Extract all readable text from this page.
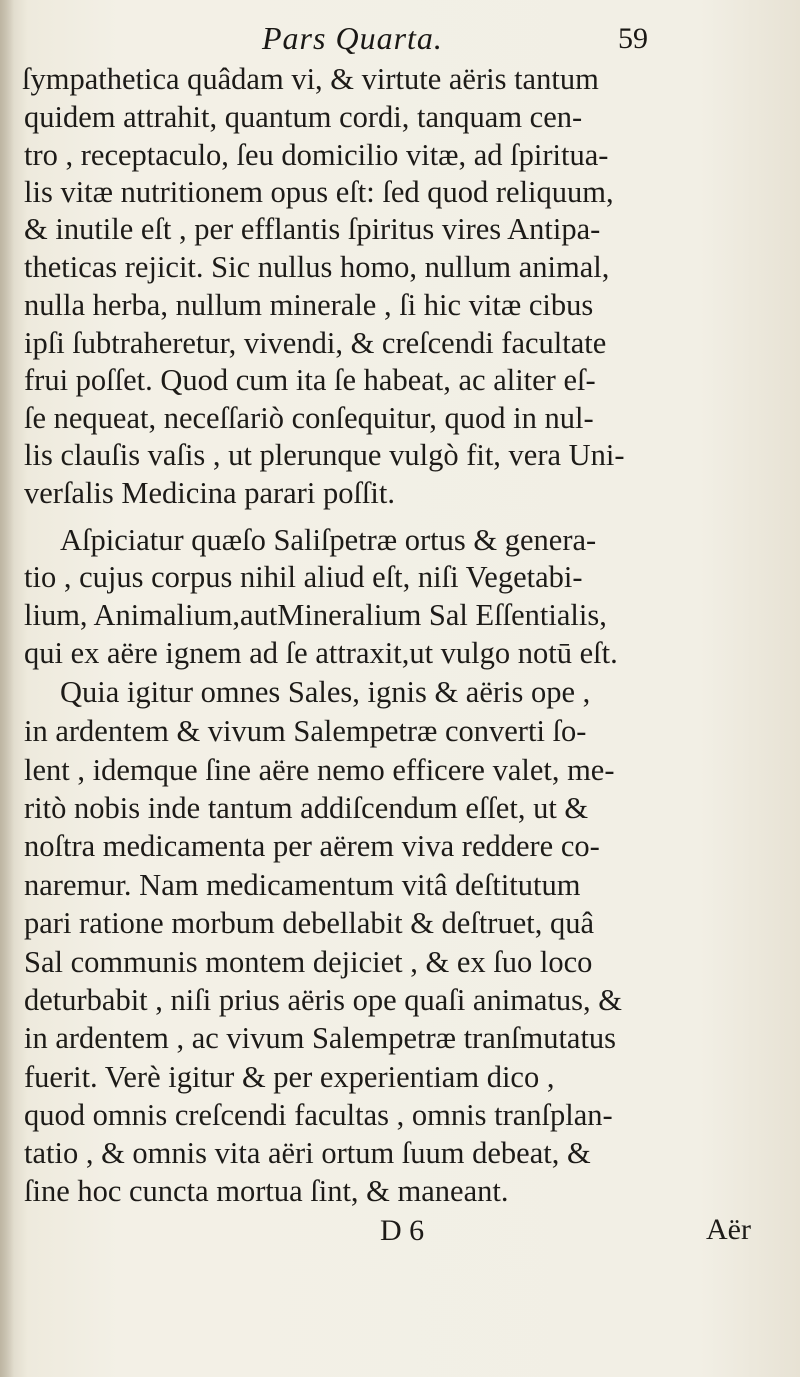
Pars Quarta.	59
ſympathetica quâdam vi, & virtute aëris tantum
quidem attrahit, quantum cordi, tanquam cen-
tro , receptaculo, ſeu domicilio vitæ, ad ſpiritua-
lis vitæ nutritionem opus eſt: ſed quod reliquum,
& inutile eſt , per efflantis ſpiritus vires Antipa-
theticas rejicit. Sic nullus homo, nullum animal,
nulla herba, nullum minerale , ſi hic vitæ cibus
ipſi ſubtraheretur, vivendi, & creſcendi facultate
frui poſſet. Quod cum ita ſe habeat, ac aliter eſ-
ſe nequeat, neceſſariò conſequitur, quod in nul-
lis clauſis vaſis , ut plerunque vulgò fit, vera Uni-
verſalis Medicina parari poſſit.
Aſpiciatur quæſo Saliſpetræ ortus & genera-
tio , cujus corpus nihil aliud eſt, niſi Vegetabi-
lium, Animalium,autMineralium Sal Eſſentialis,
qui ex aëre ignem ad ſe attraxit,ut vulgo notū eſt.
Quia igitur omnes Sales, ignis & aëris ope ,
in ardentem & vivum Salempetræ converti ſo-
lent , idemque ſine aëre nemo efficere valet, me-
ritò nobis inde tantum addiſcendum eſſet, ut &
noſtra medicamenta per aërem viva reddere co-
naremur. Nam medicamentum vitâ deſtitutum
pari ratione morbum debellabit & deſtruet, quâ
Sal communis montem dejiciet , & ex ſuo loco
deturbabit , niſi prius aëris ope quaſi animatus, &
in ardentem , ac vivum Salempetræ tranſmutatus
fuerit. Verè igitur & per experientiam dico ,
quod omnis creſcendi facultas , omnis tranſplan-
tatio , & omnis vita aëri ortum ſuum debeat, &
ſine hoc cuncta mortua ſint, & maneant.
D 6	Aër
